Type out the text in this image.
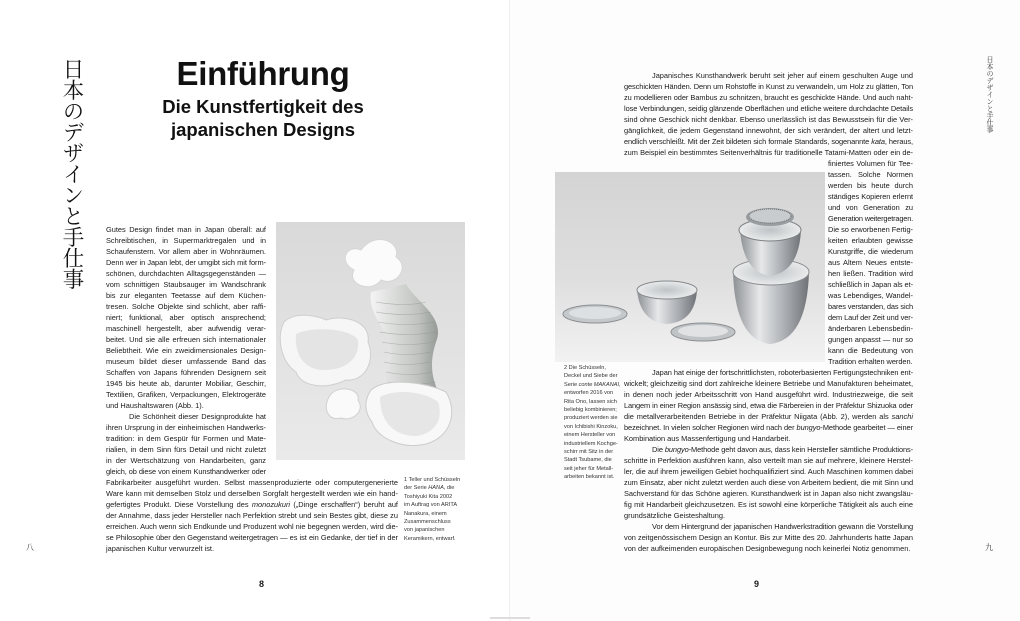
日本のデザインと手仕事	Einführung
Die Kunstfertigkeit des
japanischen Designs
Gutes Design findet man in Japan überall: auf
Schreibtischen, in Supermarktregalen und in
Schaufenstern. Vor allem aber in Wohnräumen.
Denn wer in Japan lebt, der umgibt sich mit form-
schönen, durchdachten Alltagsgegenständen —
vom schnittigen Staubsauger im Wandschrank
bis zur eleganten Teetasse auf dem Küchen-
tresen. Solche Objekte sind schlicht, aber raffi-
niert; funktional, aber optisch ansprechend;
maschinell hergestellt, aber aufwendig verar-
beitet. Und sie alle erfreuen sich internationaler
Beliebtheit. Wie ein zweidimensionales Design-
museum bildet dieser umfassende Band das
Schaffen von Japans führenden Designern seit
1945 bis heute ab, darunter Mobiliar, Geschirr,
Textilien, Grafiken, Verpackungen, Elektrogeräte
und Haushaltswaren (Abb. 1).
Die Schönheit dieser Designprodukte hat
ihren Ursprung in der einheimischen Handwerks-
tradition: in dem Gespür für Formen und Mate-
rialien, in dem Sinn fürs Detail und nicht zuletzt
in der Wertschätzung von Handarbeiten, ganz
gleich, ob diese von einem Kunsthandwerker oder
Fabrikarbeiter ausgeführt wurden. Selbst massenproduzierte oder computergenerierte
Ware kann mit demselben Stolz und derselben Sorgfalt hergestellt werden wie ein hand-
gefertigtes Produkt. Diese Vorstellung des monozukuri („Dinge erschaffen“) beruht auf
der Annahme, dass jeder Hersteller nach Perfektion strebt und sein Bestes gibt, diese zu
erreichen. Auch wenn sich Endkunde und Produzent wohl nie begegnen werden, wird die-
se Philosophie über den Gegenstand weitergetragen — es ist ein Gedanke, der tief in der
japanischen Kultur verwurzelt ist.
1 Teller und Schüsseln
der Serie HANA, die
Toshiyuki Kita 2002
im Auftrag von ARITA
Nanakura, einem
Zusammenschluss
von japanischen
Keramikern, entwarf.
八
8
2 Die Schüsseln,
Deckel und Siebe der
Serie conte MAKANAI,
entworfen 2016 von
Rita Ono, lassen sich
beliebig kombinieren;
produziert werden sie
von Ichibishi Kinzoku,
einem Hersteller von
industriellem Kochge-
schirr mit Sitz in der
Stadt Tsubame, die
seit jeher für Metall-
arbeiten bekannt ist.
Japanisches Kunsthandwerk beruht seit jeher auf einem geschulten Auge und
geschickten Händen. Denn um Rohstoffe in Kunst zu verwandeln, um Holz zu glätten, Ton
zu modellieren oder Bambus zu schnitzen, braucht es geschickte Hände. Und auch naht-
lose Verbindungen, seidig glänzende Oberflächen und etliche weitere durchdachte Details
sind ohne Geschick nicht denkbar. Ebenso unerlässlich ist das Bewusstsein für die Ver-
gänglichkeit, die jedem Gegenstand innewohnt, der sich verändert, der altert und letzt-
endlich verschleißt. Mit der Zeit bildeten sich formale Standards, sogenannte kata, heraus,
zum Beispiel ein bestimmtes Seitenverhältnis für traditionelle Tatami-Matten oder ein de-
finiertes Volumen für Tee-
tassen. Solche Normen
werden bis heute durch
ständiges Kopieren erlernt
und von Generation zu
Generation weitergetragen.
Die so erworbenen Fertig-
keiten erlaubten gewisse
Kunstgriffe, die wiederum
aus Altem Neues entste-
hen ließen. Tradition wird
schließlich in Japan als et-
was Lebendiges, Wandel-
bares verstanden, das sich
dem Lauf der Zeit und ver-
änderbaren Lebensbedin-
gungen anpasst — nur so
kann die Bedeutung von
Tradition erhalten werden.
Japan hat einige der fortschrittlichsten, roboterbasierten Fertigungstechniken ent-
wickelt; gleichzeitig sind dort zahlreiche kleinere Betriebe und Manufakturen beheimatet,
in denen noch jeder Arbeitsschritt von Hand ausgeführt wird. Industriezweige, die seit
Langem in einer Region ansässig sind, etwa die Färbereien in der Präfektur Shizuoka oder
die metallverarbeitenden Betriebe in der Präfektur Niigata (Abb. 2), werden als sanchi
bezeichnet. In vielen solcher Regionen wird nach der bungyo-Methode gearbeitet — einer
Kombination aus Massenfertigung und Handarbeit.
Die bungyo-Methode geht davon aus, dass kein Hersteller sämtliche Produktions-
schritte in Perfektion ausführen kann, also verteilt man sie auf mehrere, kleinere Herstel-
ler, die auf ihrem jeweiligen Gebiet hochqualifiziert sind. Auch Maschinen kommen dabei
zum Einsatz, aber nicht zuletzt werden auch diese von Arbeitern bedient, die mit Sinn und
Sachverstand für das Schöne agieren. Kunsthandwerk ist in Japan also nicht zwangsläu-
fig mit Handarbeit gleichzusetzen. Es ist sowohl eine körperliche Tätigkeit als auch eine
grundsätzliche Geisteshaltung.
Vor dem Hintergrund der japanischen Handwerkstradition gewann die Vorstellung
von zeitgenössischem Design an Kontur. Bis zur Mitte des 20. Jahrhunderts hatte Japan
von der aufkeimenden europäischen Designbewegung noch keinerlei Notiz genommen.
日本のデザインと手仕事
九
9
